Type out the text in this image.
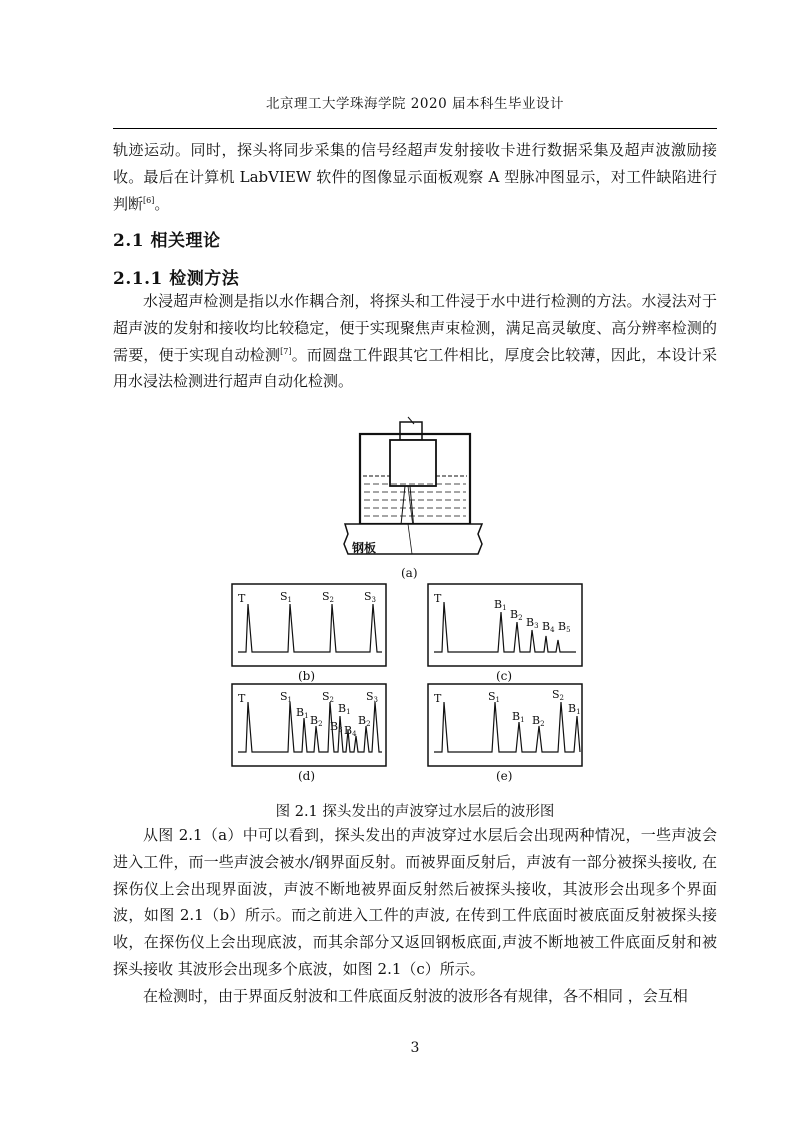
北京理工大学珠海学院 2020 届本科生毕业设计

轨迹运动。同时，探头将同步采集的信号经超声发射接收卡进行数据采集及超声波激励接收。最后在计算机 LabVIEW 软件的图像显示面板观察 A 型脉冲图显示，对工件缺陷进行判断[6]。

2.1 相关理论

2.1.1 检测方法

水浸超声检测是指以水作耦合剂，将探头和工件浸于水中进行检测的方法。水浸法对于超声波的发射和接收均比较稳定，便于实现聚焦声束检测，满足高灵敏度、高分辨率检测的需要，便于实现自动检测[7]。而圆盘工件跟其它工件相比，厚度会比较薄，因此，本设计采用水浸法检测进行超声自动化检测。

钢板
(a)
T	S1	S2	S3
(b)
T	B1 B2 B3 B4 B5
(c)
T	S1
B1 B2
S2
B1
B3 B4
B2
S3
(d)
T	S1
B1 B2
S2
B1
(e)
图 2.1 探头发出的声波穿过水层后的波形图

从图 2.1（a）中可以看到，探头发出的声波穿过水层后会出现两种情况，一些声波会进入工件，而一些声波会被水/钢界面反射。而被界面反射后，声波有一部分被探头接收, 在探伤仪上会出现界面波，声波不断地被界面反射然后被探头接收，其波形会出现多个界面波，如图 2.1（b）所示。而之前进入工件的声波, 在传到工件底面时被底面反射被探头接收，在探伤仪上会出现底波，而其余部分又返回钢板底面,声波不断地被工件底面反射和被探头接收 其波形会出现多个底波，如图 2.1（c）所示。

在检测时，由于界面反射波和工件底面反射波的波形各有规律，各不相同 ，会互相

3
